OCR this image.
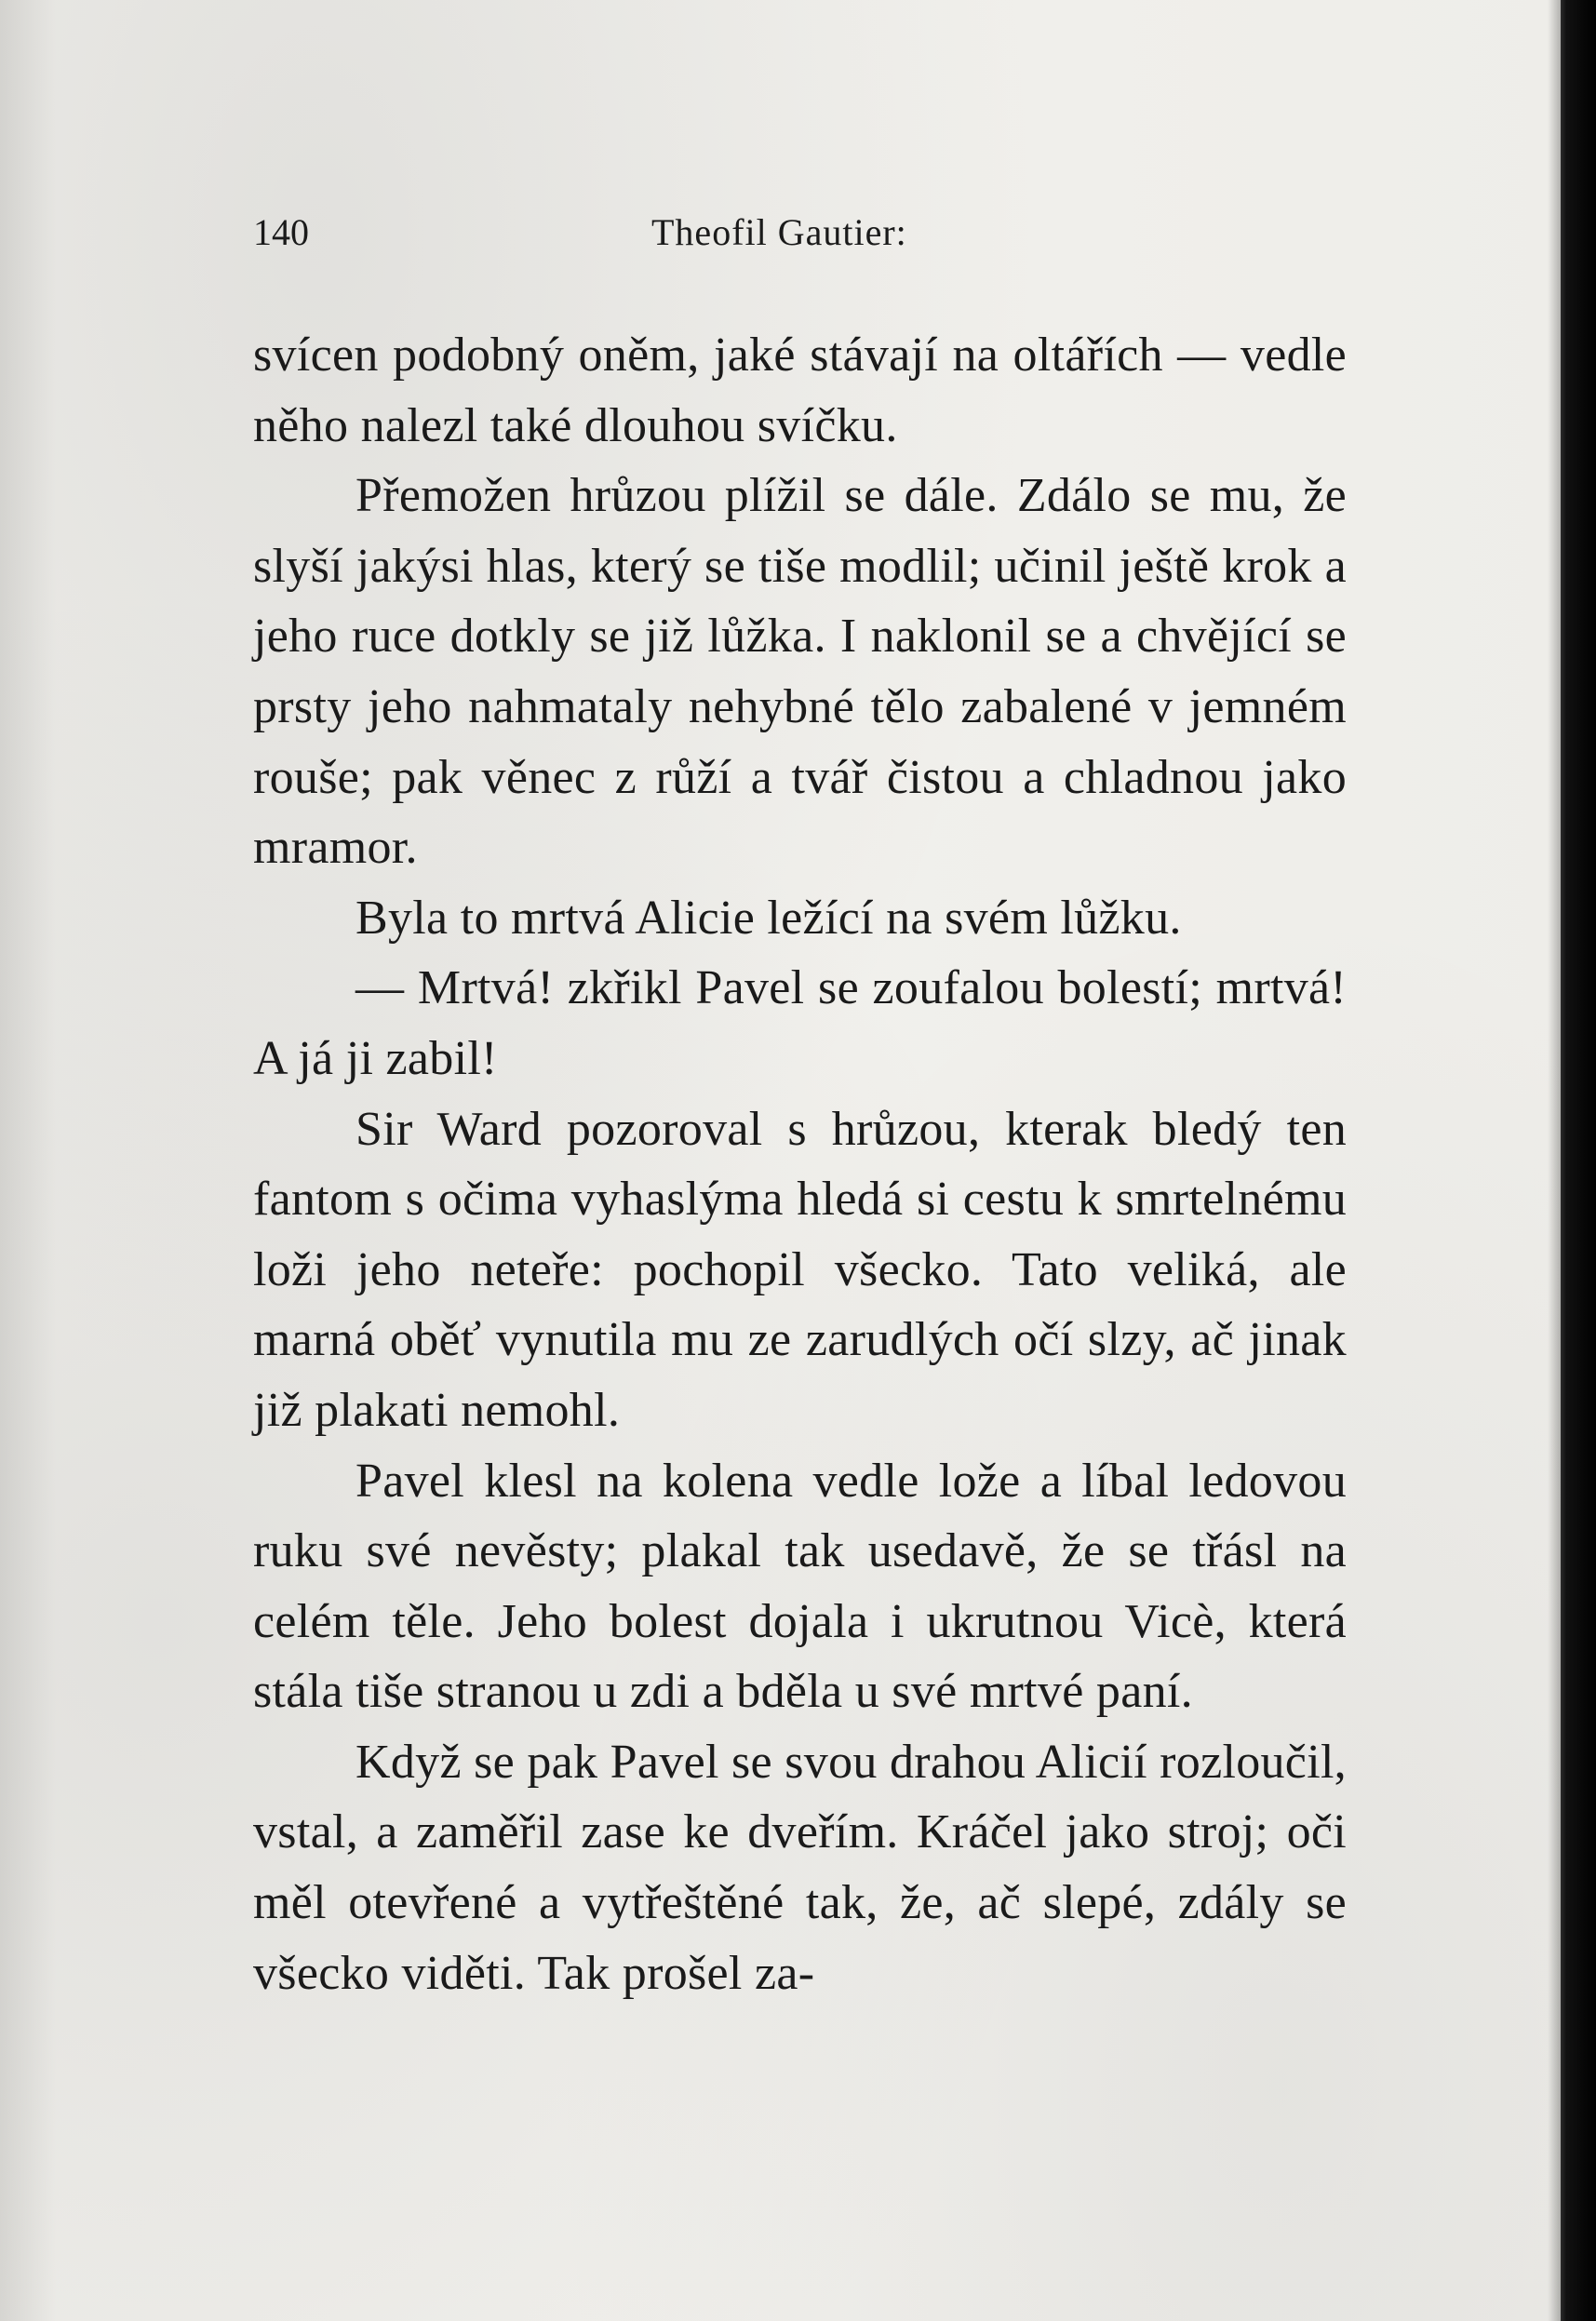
140	Theofil Gautier:

svícen podobný oněm, jaké stávají na oltářích — vedle něho nalezl také dlouhou svíčku.

Přemožen hrůzou plížil se dále. Zdálo se mu, že slyší jakýsi hlas, který se tiše modlil; učinil ještě krok a jeho ruce dotkly se již lůžka. I naklonil se a chvějící se prsty jeho nahmataly nehybné tělo zabalené v jemném rouše; pak věnec z růží a tvář čistou a chladnou jako mramor.

Byla to mrtvá Alicie ležící na svém lůžku.

— Mrtvá! zkřikl Pavel se zoufalou bolestí; mrtvá! A já ji zabil!

Sir Ward pozoroval s hrůzou, kterak bledý ten fantom s očima vyhaslýma hledá si cestu k smrtelnému loži jeho neteře: pochopil všecko. Tato veliká, ale marná oběť vynutila mu ze zarudlých očí slzy, ač jinak již plakati nemohl.

Pavel klesl na kolena vedle lože a líbal ledovou ruku své nevěsty; plakal tak usedavě, že se třásl na celém těle. Jeho bolest dojala i ukrutnou Vicè, která stála tiše stranou u zdi a bděla u své mrtvé paní.

Když se pak Pavel se svou drahou Alicií rozloučil, vstal, a zaměřil zase ke dveřím. Kráčel jako stroj; oči měl otevřené a vytřeštěné tak, že, ač slepé, zdály se všecko viděti. Tak prošel za-
